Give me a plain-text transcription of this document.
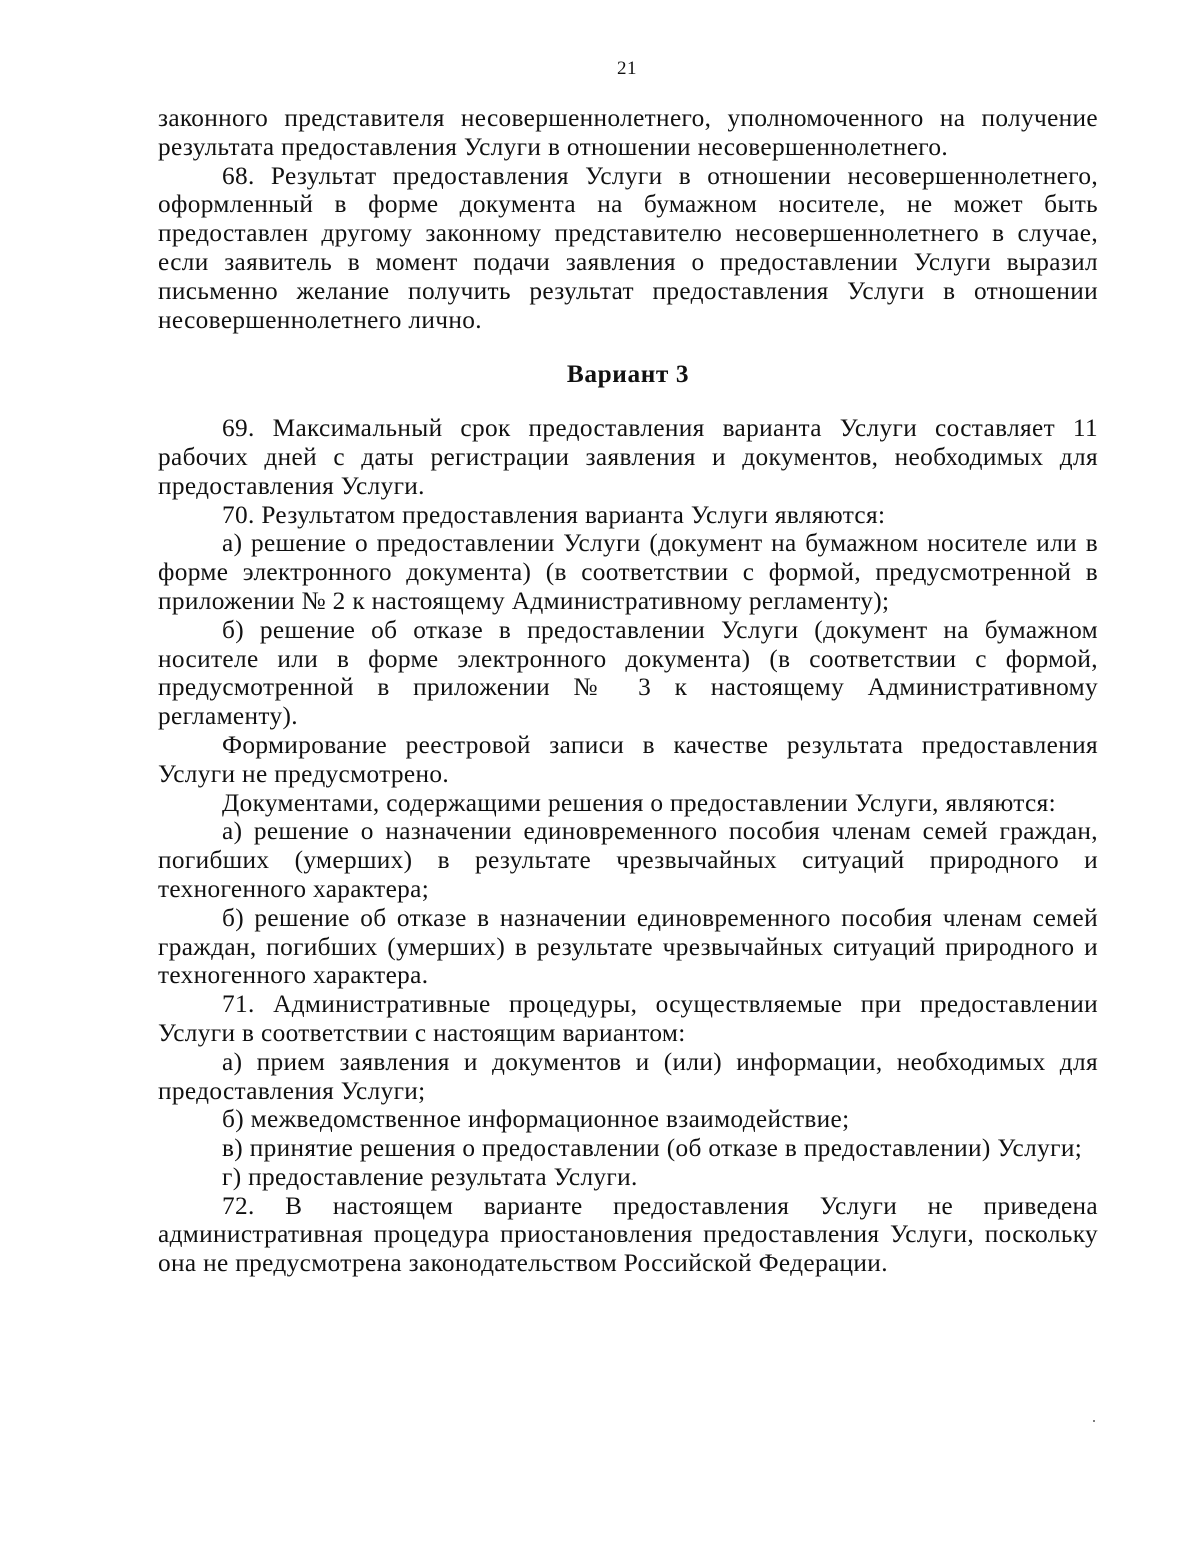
21

законного представителя несовершеннолетнего, уполномоченного на получение результата предоставления Услуги в отношении несовершеннолетнего.

68. Результат предоставления Услуги в отношении несовершеннолетнего, оформленный в форме документа на бумажном носителе, не может быть предоставлен другому законному представителю несовершеннолетнего в случае, если заявитель в момент подачи заявления о предоставлении Услуги выразил письменно желание получить результат предоставления Услуги в отношении несовершеннолетнего лично.

Вариант 3

69. Максимальный срок предоставления варианта Услуги составляет 11 рабочих дней с даты регистрации заявления и документов, необходимых для предоставления Услуги.

70. Результатом предоставления варианта Услуги являются:

а) решение о предоставлении Услуги (документ на бумажном носителе или в форме электронного документа) (в соответствии с формой, предусмотренной в приложении № 2 к настоящему Административному регламенту);

б) решение об отказе в предоставлении Услуги (документ на бумажном носителе или в форме электронного документа) (в соответствии с формой, предусмотренной в приложении № 3 к настоящему Административному регламенту).

Формирование реестровой записи в качестве результата предоставления Услуги не предусмотрено.

Документами, содержащими решения о предоставлении Услуги, являются:

а) решение о назначении единовременного пособия членам семей граждан, погибших (умерших) в результате чрезвычайных ситуаций природного и техногенного характера;

б) решение об отказе в назначении единовременного пособия членам семей граждан, погибших (умерших) в результате чрезвычайных ситуаций природного и техногенного характера.

71. Административные процедуры, осуществляемые при предоставлении Услуги в соответствии с настоящим вариантом:

а) прием заявления и документов и (или) информации, необходимых для предоставления Услуги;

б) межведомственное информационное взаимодействие;

в) принятие решения о предоставлении (об отказе в предоставлении) Услуги;

г) предоставление результата Услуги.

72. В настоящем варианте предоставления Услуги не приведена административная процедура приостановления предоставления Услуги, поскольку она не предусмотрена законодательством Российской Федерации.
